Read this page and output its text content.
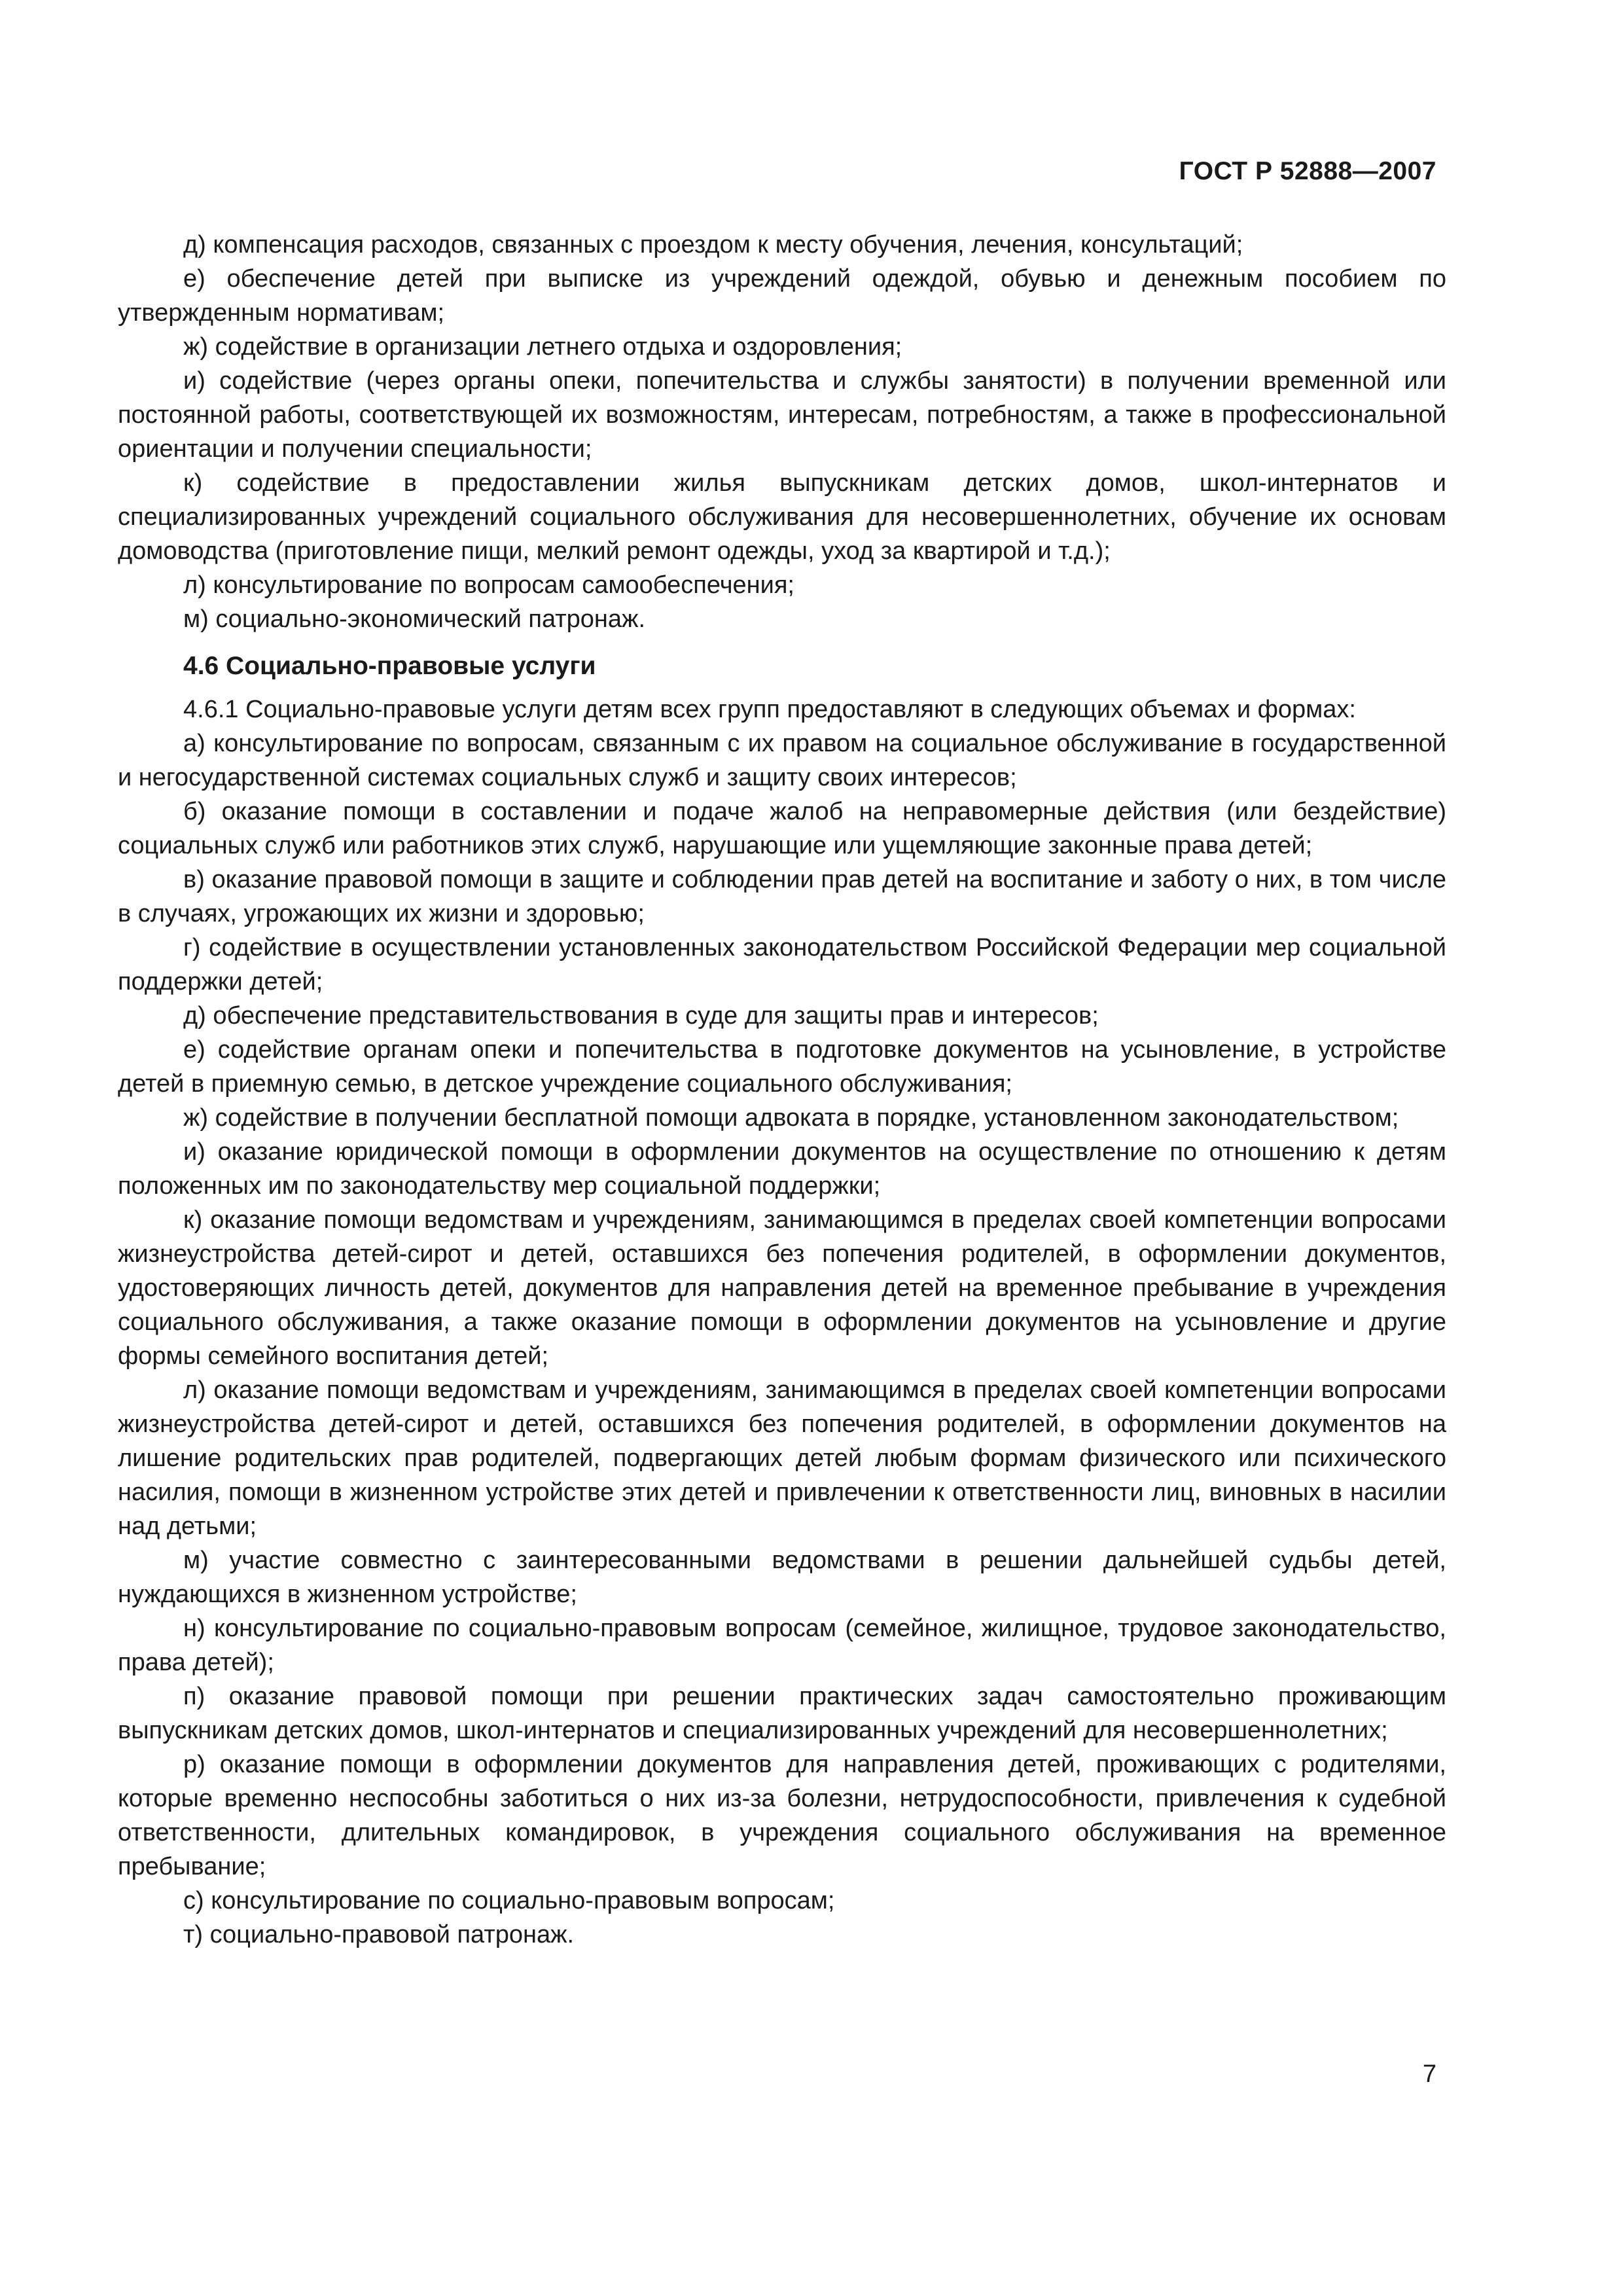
ГОСТ Р 52888—2007

д) компенсация расходов, связанных с проездом к месту обучения, лечения, консультаций;

е) обеспечение детей при выписке из учреждений одеждой, обувью и денежным пособием по утвержденным нормативам;

ж) содействие в организации летнего отдыха и оздоровления;

и) содействие (через органы опеки, попечительства и службы занятости) в получении временной или постоянной работы, соответствующей их возможностям, интересам, потребностям, а также в профессиональной ориентации и получении специальности;

к) содействие в предоставлении жилья выпускникам детских домов, школ-интернатов и специализированных учреждений социального обслуживания для несовершеннолетних, обучение их основам домоводства (приготовление пищи, мелкий ремонт одежды, уход за квартирой и т.д.);

л) консультирование по вопросам самообеспечения;

м) социально-экономический патронаж.

4.6 Социально-правовые услуги

4.6.1 Социально-правовые услуги детям всех групп предоставляют в следующих объемах и формах:

а) консультирование по вопросам, связанным с их правом на социальное обслуживание в государственной и негосударственной системах социальных служб и защиту своих интересов;

б) оказание помощи в составлении и подаче жалоб на неправомерные действия (или бездействие) социальных служб или работников этих служб, нарушающие или ущемляющие законные права детей;

в) оказание правовой помощи в защите и соблюдении прав детей на воспитание и заботу о них, в том числе в случаях, угрожающих их жизни и здоровью;

г) содействие в осуществлении установленных законодательством Российской Федерации мер социальной поддержки детей;

д) обеспечение представительствования в суде для защиты прав и интересов;

е) содействие органам опеки и попечительства в подготовке документов на усыновление, в устройстве детей в приемную семью, в детское учреждение социального обслуживания;

ж) содействие в получении бесплатной помощи адвоката в порядке, установленном законодательством;

и) оказание юридической помощи в оформлении документов на осуществление по отношению к детям положенных им по законодательству мер социальной поддержки;

к) оказание помощи ведомствам и учреждениям, занимающимся в пределах своей компетенции вопросами жизнеустройства детей-сирот и детей, оставшихся без попечения родителей, в оформлении документов, удостоверяющих личность детей, документов для направления детей на временное пребывание в учреждения социального обслуживания, а также оказание помощи в оформлении документов на усыновление и другие формы семейного воспитания детей;

л) оказание помощи ведомствам и учреждениям, занимающимся в пределах своей компетенции вопросами жизнеустройства детей-сирот и детей, оставшихся без попечения родителей, в оформлении документов на лишение родительских прав родителей, подвергающих детей любым формам физического или психического насилия, помощи в жизненном устройстве этих детей и привлечении к ответственности лиц, виновных в насилии над детьми;

м) участие совместно с заинтересованными ведомствами в решении дальнейшей судьбы детей, нуждающихся в жизненном устройстве;

н) консультирование по социально-правовым вопросам (семейное, жилищное, трудовое законодательство, права детей);

п) оказание правовой помощи при решении практических задач самостоятельно проживающим выпускникам детских домов, школ-интернатов и специализированных учреждений для несовершеннолетних;

р) оказание помощи в оформлении документов для направления детей, проживающих с родителями, которые временно неспособны заботиться о них из-за болезни, нетрудоспособности, привлечения к судебной ответственности, длительных командировок, в учреждения социального обслуживания на временное пребывание;

с) консультирование по социально-правовым вопросам;

т) социально-правовой патронаж.

7
